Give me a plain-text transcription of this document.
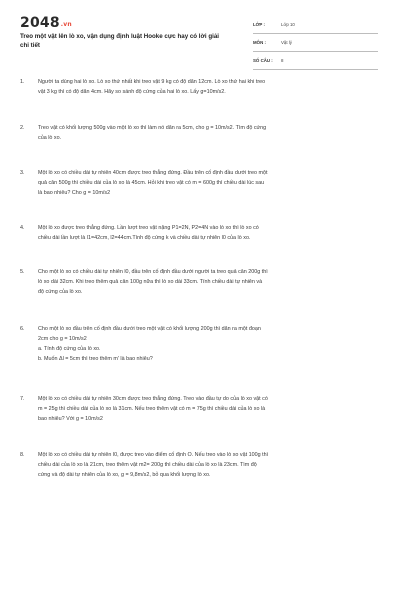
2048.vn
Treo một vật lên lò xo, vận dụng định luật Hooke cực hay có lời giải chi tiết
LỚP :	Lớp 10
MÔN :	Vật lý
SỐ CÂU :	8
1.	Người ta dùng hai lò xo. Lò xo thứ nhất khi treo vật 9 kg có độ dãn 12cm. Lò xo thứ hai khi treo
vật 3 kg thì có độ dãn 4cm. Hãy so sánh độ cứng của hai lò xo. Lấy g=10m/s2.
2.	Treo vật có khối lượng 500g vào một lò xo thì làm nó dãn ra 5cm, cho g = 10m/s2. Tìm độ cứng
của lò xo.
3.	Một lò xo có chiều dài tự nhiên 40cm được treo thẳng đứng. Đầu trên cố định đầu dưới treo một
quả cân 500g thì chiều dài của lò xo là 45cm. Hỏi khi treo vật có m = 600g thì chiều dài lúc sau
là bao nhiêu? Cho g = 10m/s2
4.	Một lò xo được treo thẳng đứng. Lần lượt treo vật nặng P1=2N, P2=4N vào lò xo thì lò xo có
chiều dài lần lượt là l1=42cm, l2=44cm.Tính độ cứng k và chiều dài tự nhiên l0 của lò xo.
5.	Cho một lò xo có chiều dài tự nhiên l0, đầu trên cố định đầu dưới người ta treo quả cân 200g thì
lò xo dài 32cm. Khi treo thêm quả cân 100g nữa thì lò xo dài 33cm. Tính chiều dài tự nhiên và
độ cứng của lò xo.
6.	Cho một lò xo đầu trên cố định đầu dưới treo một vật có khối lượng 200g thì dãn ra một đoạn
2cm cho g = 10m/s2
a. Tính độ cứng của lò xo.
b. Muốn Δl = 5cm thì treo thêm m' là bao nhiêu?
7.	Một lò xo có chiều dài tự nhiên 30cm được treo thẳng đứng. Treo vào đầu tự do của lò xo vật có
m = 25g thì chiều dài của lò xo là 31cm. Nếu treo thêm vật có m = 75g thì chiều dài của lò xo là
bao nhiêu? Với g = 10m/s2
8.	Một lò xo có chiều dài tự nhiên l0, được treo vào điểm cố định O. Nếu treo vào lò xo vật 100g thì
chiều dài của lò xo là 21cm, treo thêm vật m2= 200g thì chiều dài của lò xo là 23cm. Tìm độ
cứng và độ dài tự nhiên của lò xo, g = 9,8m/s2, bỏ qua khối lượng lò xo.
